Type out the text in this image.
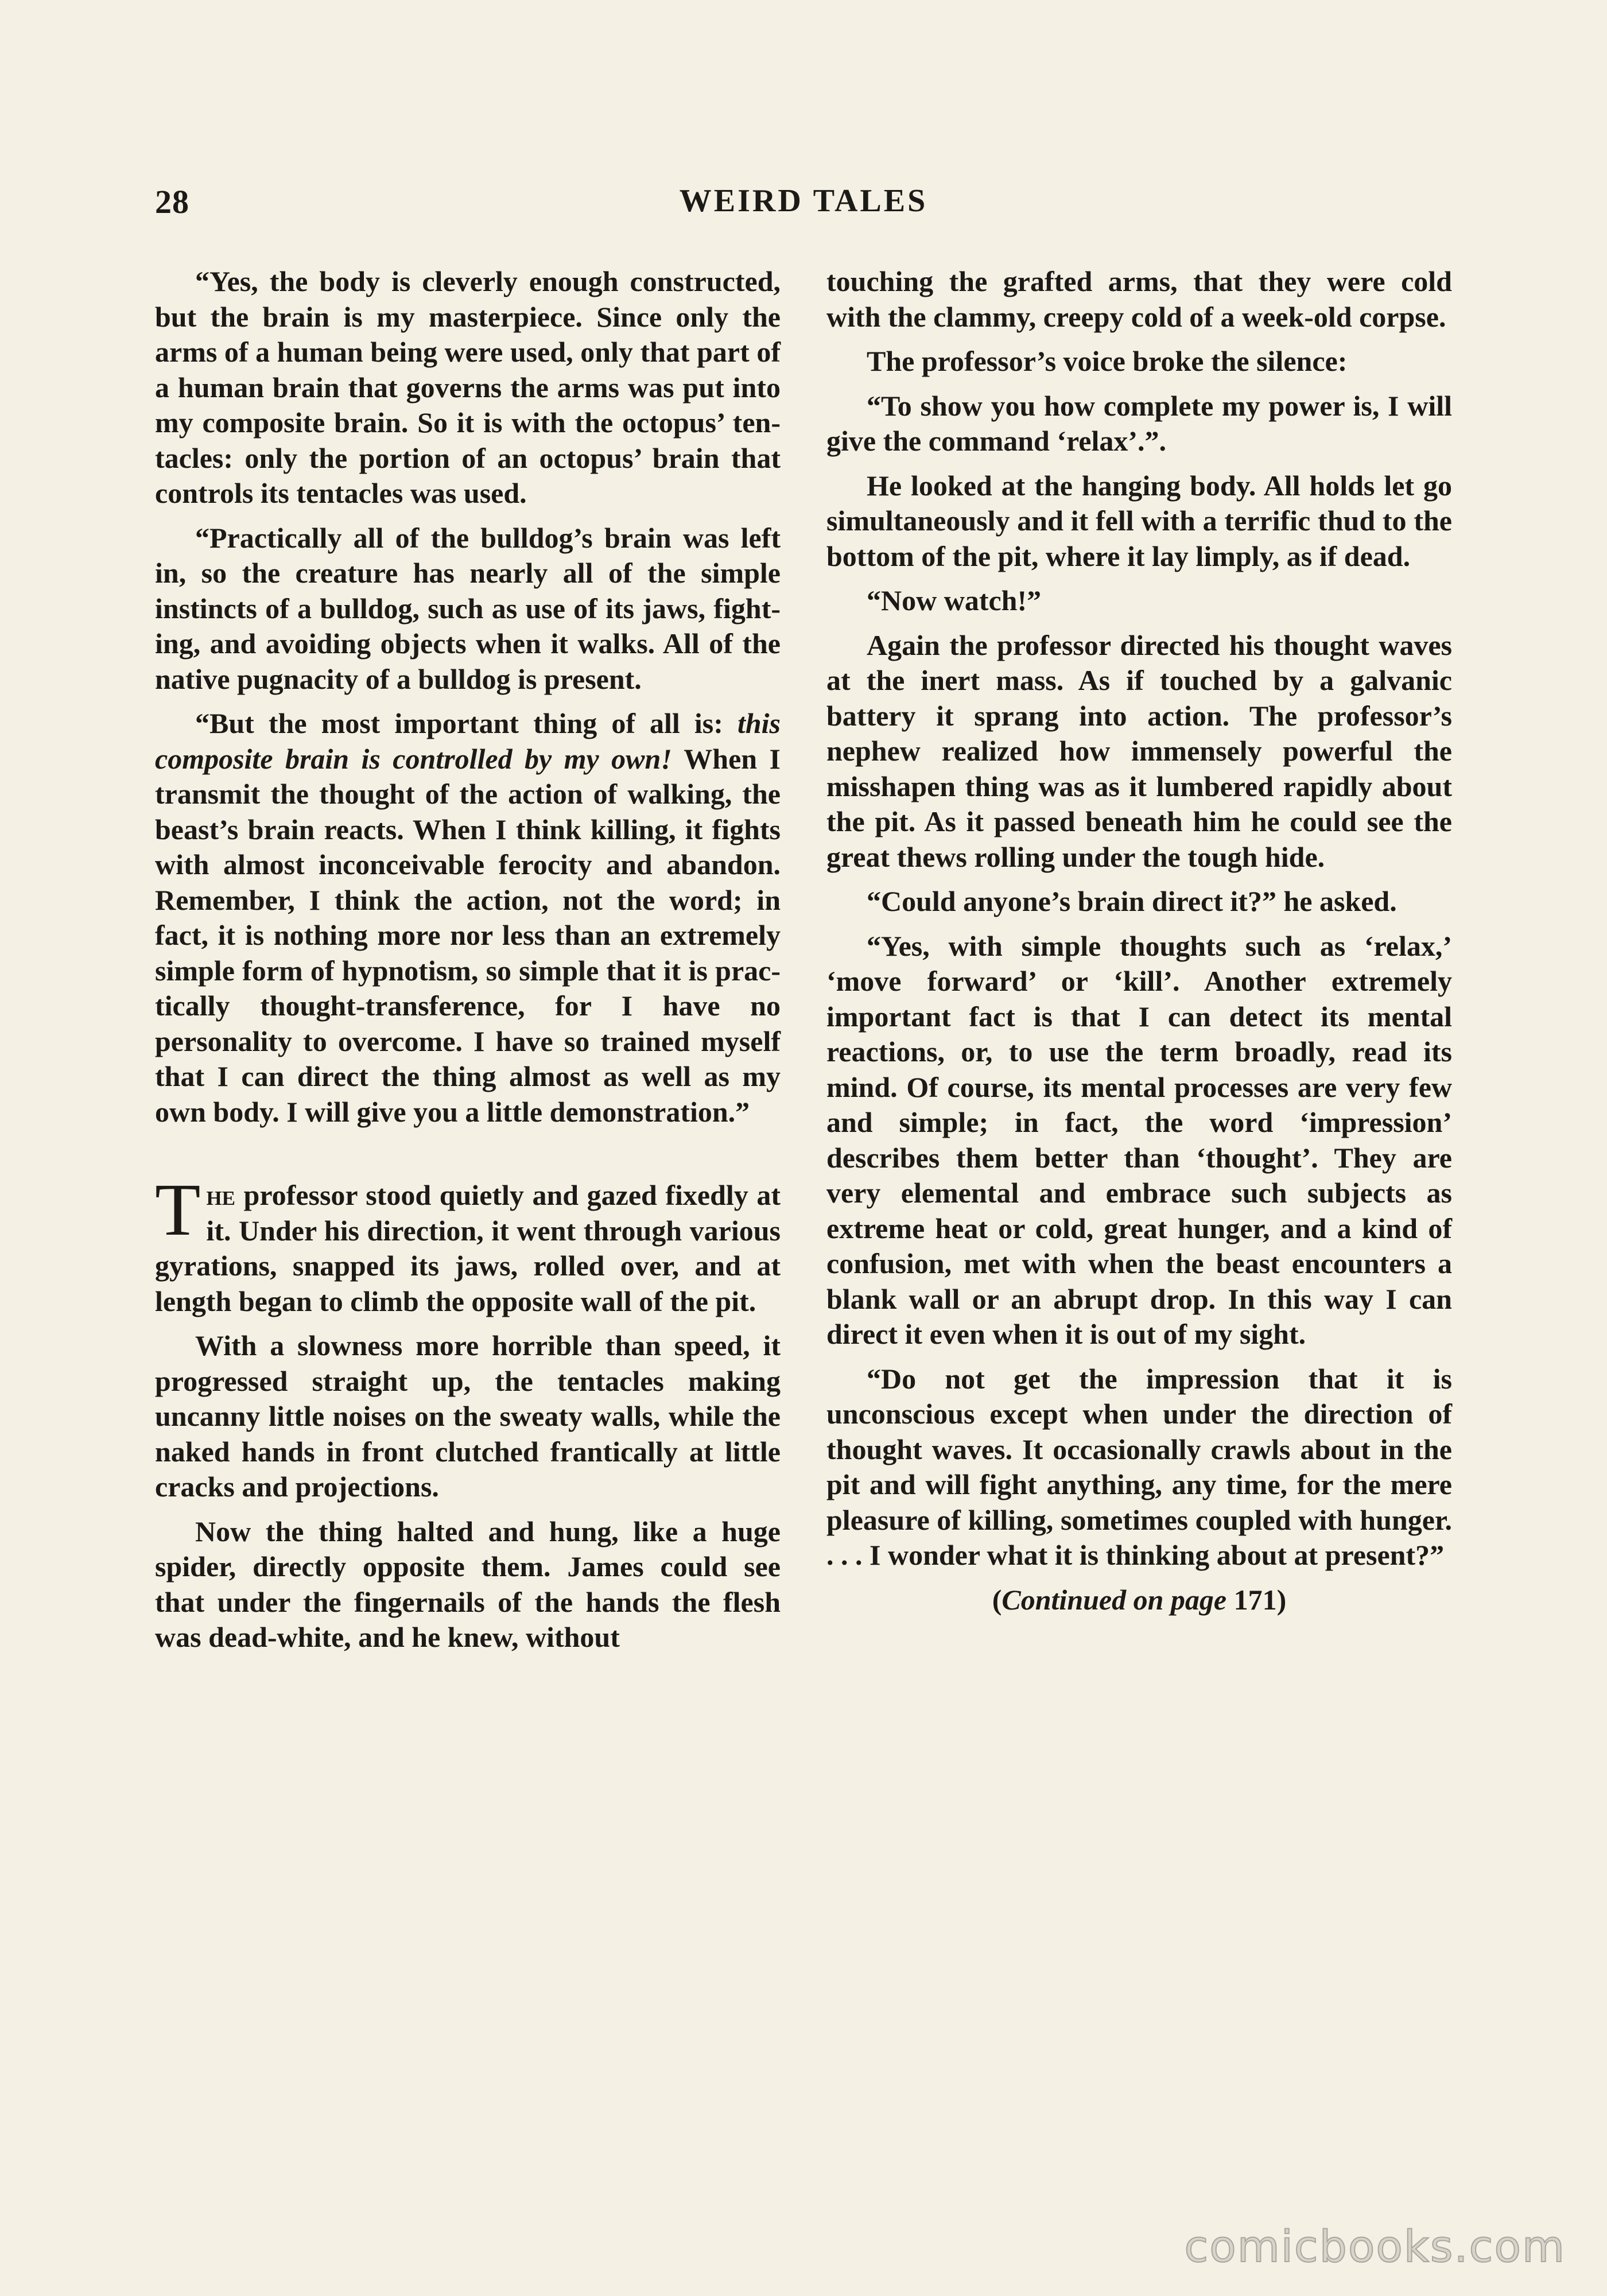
28	WEIRD TALES

“Yes, the body is cleverly enough constructed, but the brain is my masterpiece. Since only the arms of a human being were used, only that part of a human brain that governs the arms was put into my composite brain. So it is with the octopus’ tentacles: only the portion of an octopus’ brain that controls its tentacles was used.

“Practically all of the bulldog’s brain was left in, so the creature has nearly all of the simple instincts of a bulldog, such as use of its jaws, fighting, and avoiding objects when it walks. All of the native pugnacity of a bulldog is present.

“But the most important thing of all is: this composite brain is controlled by my own! When I transmit the thought of the action of walking, the beast’s brain reacts. When I think killing, it fights with almost inconceivable ferocity and abandon. Remember, I think the action, not the word; in fact, it is nothing more nor less than an extremely simple form of hypnotism, so simple that it is practically thought-transference, for I have no personality to overcome. I have so trained myself that I can direct the thing almost as well as my own body. I will give you a little demonstration.”

The professor stood quietly and gazed fixedly at it. Under his direction, it went through various gyrations, snapped its jaws, rolled over, and at length began to climb the opposite wall of the pit.

With a slowness more horrible than speed, it progressed straight up, the tentacles making uncanny little noises on the sweaty walls, while the naked hands in front clutched frantically at little cracks and projections.

Now the thing halted and hung, like a huge spider, directly opposite them. James could see that under the fingernails of the hands the flesh was dead-white, and he knew, without

touching the grafted arms, that they were cold with the clammy, creepy cold of a week-old corpse.

The professor’s voice broke the silence:

“To show you how complete my power is, I will give the command ‘relax’.”.

He looked at the hanging body. All holds let go simultaneously and it fell with a terrific thud to the bottom of the pit, where it lay limply, as if dead.

“Now watch!”

Again the professor directed his thought waves at the inert mass. As if touched by a galvanic battery it sprang into action. The professor’s nephew realized how immensely powerful the misshapen thing was as it lumbered rapidly about the pit. As it passed beneath him he could see the great thews rolling under the tough hide.

“Could anyone’s brain direct it?” he asked.

“Yes, with simple thoughts such as ‘relax,’ ‘move forward’ or ‘kill’. Another extremely important fact is that I can detect its mental reactions, or, to use the term broadly, read its mind. Of course, its mental processes are very few and simple; in fact, the word ‘impression’ describes them better than ‘thought’. They are very elemental and embrace such subjects as extreme heat or cold, great hunger, and a kind of confusion, met with when the beast encounters a blank wall or an abrupt drop. In this way I can direct it even when it is out of my sight.

“Do not get the impression that it is unconscious except when under the direction of thought waves. It occasionally crawls about in the pit and will fight anything, any time, for the mere pleasure of killing, sometimes coupled with hunger. . . . I wonder what it is thinking about at present?”

(Continued on page 171)

comicbooks.com
